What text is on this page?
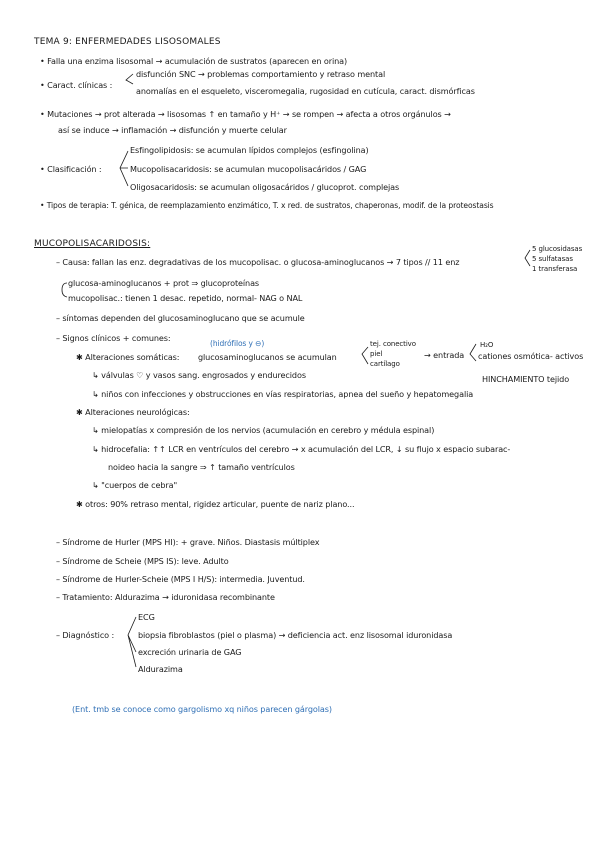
TEMA 9: ENFERMEDADES LISOSOMALES
• Falla una enzima lisosomal → acumulación de sustratos (aparecen en orina)
• Caract. clínicas :
disfunción SNC → problemas comportamiento y retraso mental
anomalías en el esqueleto, visceromegalia, rugosidad en cutícula, caract. dismórficas
• Mutaciones → prot alterada → lisosomas ↑ en tamaño y H⁺ → se rompen → afecta a otros orgánulos →
así se induce → inflamación → disfunción y muerte celular
• Clasificación :
Esfingolipidosis: se acumulan lípidos complejos (esfingolina)
Mucopolisacaridosis: se acumulan mucopolisacáridos / GAG
Oligosacaridosis: se acumulan oligosacáridos / glucoprot. complejas
• Tipos de terapia: T. génica, de reemplazamiento enzimático, T. x red. de sustratos, chaperonas, modif. de la proteostasis
MUCOPOLISACARIDOSIS:
– Causa: fallan las enz. degradativas de los mucopolisac. o glucosa-aminoglucanos → 7 tipos // 11 enz
5 glucosidasas
5 sulfatasas
1 transferasa
glucosa-aminoglucanos + prot ⇒ glucoproteínas
mucopolisac.: tienen 1 desac. repetido, normal- NAG o NAL
– síntomas dependen del glucosaminoglucano que se acumule
– Signos clínicos + comunes:
(hidrófilos y ⊖)
✱ Alteraciones somáticas: glucosaminoglucanos se acumulan
tej. conectivo
piel
cartílago
→ entrada
H₂O
cationes osmótica- activos
HINCHAMIENTO tejido
↳ válvulas ♡ y vasos sang. engrosados y endurecidos
↳ niños con infecciones y obstrucciones en vías respiratorias, apnea del sueño y hepatomegalia
✱ Alteraciones neurológicas:
↳ mielopatías x compresión de los nervios (acumulación en cerebro y médula espinal)
↳ hidrocefalia: ↑↑ LCR en ventrículos del cerebro → x acumulación del LCR, ↓ su flujo x espacio subarac-
noideo hacia la sangre ⇒ ↑ tamaño ventrículos
↳ "cuerpos de cebra"
✱ otros: 90% retraso mental, rigidez articular, puente de nariz plano...
– Síndrome de Hurler (MPS HI): + grave. Niños. Diastasis múltiplex
– Síndrome de Scheie (MPS IS): leve. Adulto
– Síndrome de Hurler-Scheie (MPS I H/S): intermedia. Juventud.
– Tratamiento: Aldurazima → iduronidasa recombinante
– Diagnóstico :
ECG
biopsia fibroblastos (piel o plasma) → deficiencia act. enz lisosomal iduronidasa
excreción urinaria de GAG
Aldurazima
(Ent. tmb se conoce como gargolismo xq niños parecen gárgolas)
